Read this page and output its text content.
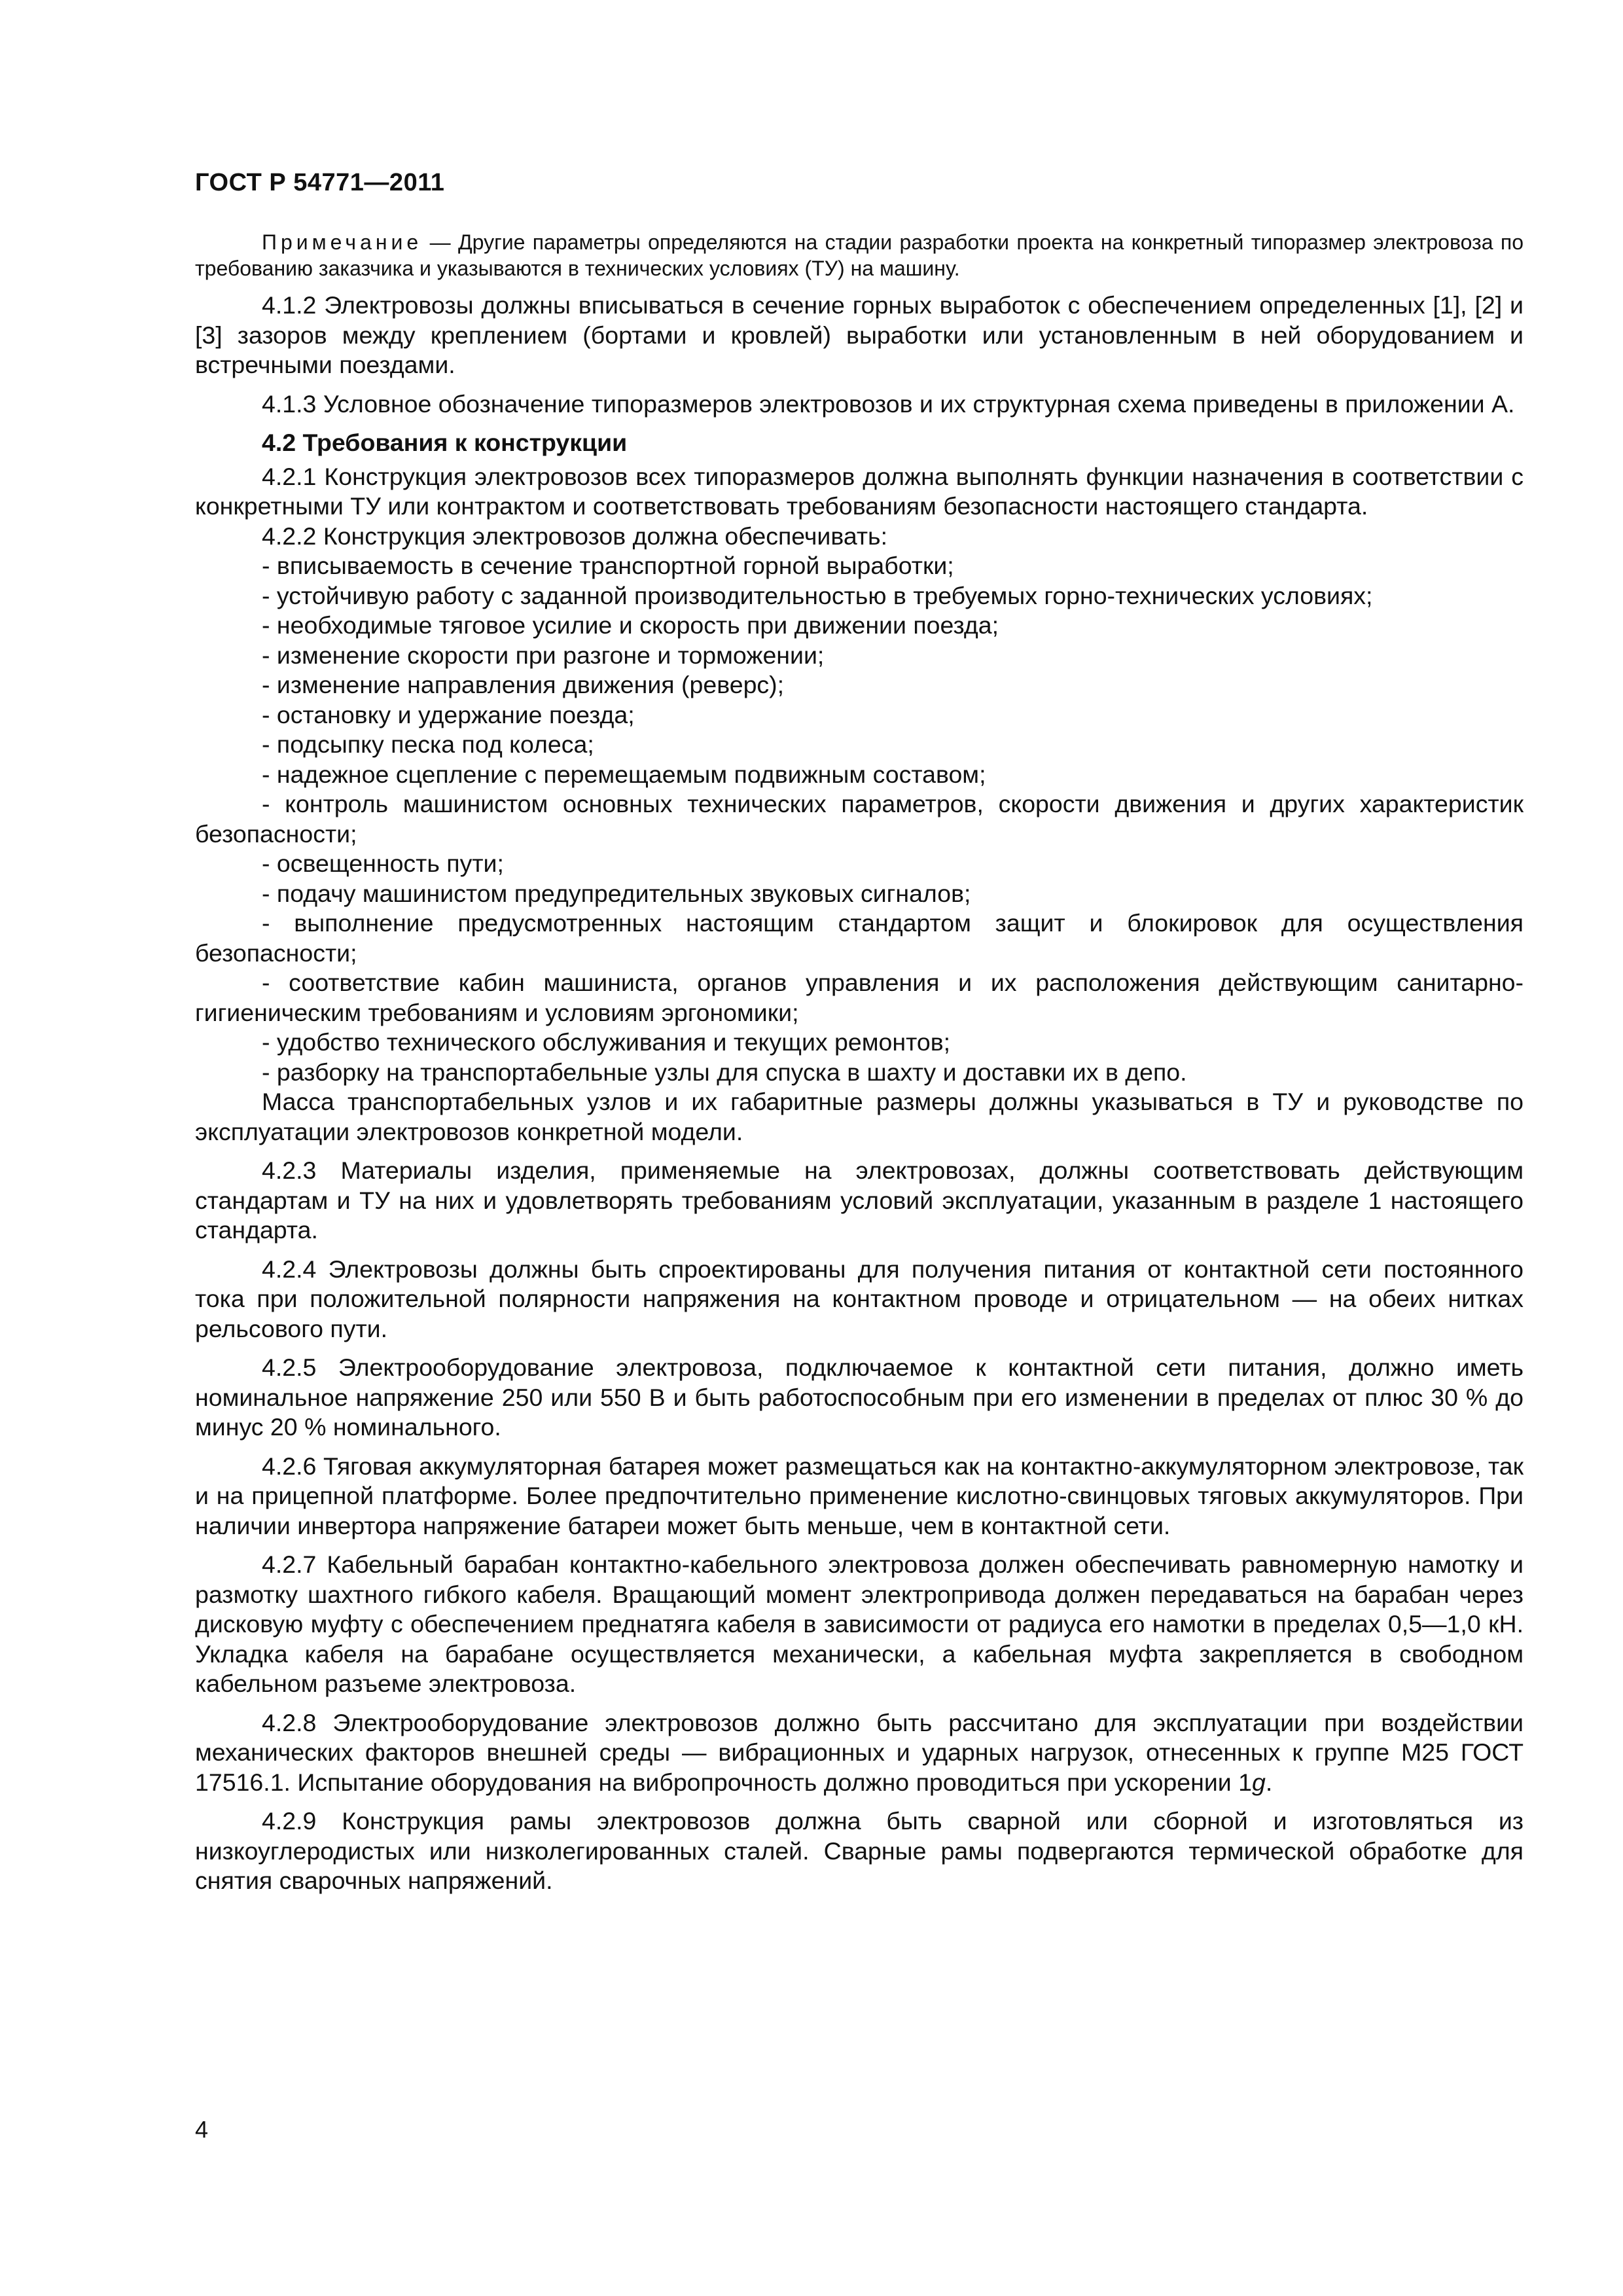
ГОСТ Р 54771—2011

Примечание — Другие параметры определяются на стадии разработки проекта на конкретный типоразмер электровоза по требованию заказчика и указываются в технических условиях (ТУ) на машину.

4.1.2 Электровозы должны вписываться в сечение горных выработок с обеспечением определенных [1], [2] и [3] зазоров между креплением (бортами и кровлей) выработки или установленным в ней оборудованием и встречными поездами.

4.1.3 Условное обозначение типоразмеров электровозов и их структурная схема приведены в приложении А.

4.2 Требования к конструкции

4.2.1 Конструкция электровозов всех типоразмеров должна выполнять функции назначения в соответствии с конкретными ТУ или контрактом и соответствовать требованиям безопасности настоящего стандарта.

4.2.2 Конструкция электровозов должна обеспечивать:

- вписываемость в сечение транспортной горной выработки;

- устойчивую работу с заданной производительностью в требуемых горно-технических условиях;

- необходимые тяговое усилие и скорость при движении поезда;

- изменение скорости при разгоне и торможении;

- изменение направления движения (реверс);

- остановку и удержание поезда;

- подсыпку песка под колеса;

- надежное сцепление с перемещаемым подвижным составом;

- контроль машинистом основных технических параметров, скорости движения и других характеристик безопасности;

- освещенность пути;

- подачу машинистом предупредительных звуковых сигналов;

- выполнение предусмотренных настоящим стандартом защит и блокировок для осуществления безопасности;

- соответствие кабин машиниста, органов управления и их расположения действующим санитарно-гигиеническим требованиям и условиям эргономики;

- удобство технического обслуживания и текущих ремонтов;

- разборку на транспортабельные узлы для спуска в шахту и доставки их в депо.

Масса транспортабельных узлов и их габаритные размеры должны указываться в ТУ и руководстве по эксплуатации электровозов конкретной модели.

4.2.3 Материалы изделия, применяемые на электровозах, должны соответствовать действующим стандартам и ТУ на них и удовлетворять требованиям условий эксплуатации, указанным в разделе 1 настоящего стандарта.

4.2.4 Электровозы должны быть спроектированы для получения питания от контактной сети постоянного тока при положительной полярности напряжения на контактном проводе и отрицательном — на обеих нитках рельсового пути.

4.2.5 Электрооборудование электровоза, подключаемое к контактной сети питания, должно иметь номинальное напряжение 250 или 550 В и быть работоспособным при его изменении в пределах от плюс 30 % до минус 20 % номинального.

4.2.6 Тяговая аккумуляторная батарея может размещаться как на контактно-аккумуляторном электровозе, так и на прицепной платформе. Более предпочтительно применение кислотно-свинцовых тяговых аккумуляторов. При наличии инвертора напряжение батареи может быть меньше, чем в контактной сети.

4.2.7 Кабельный барабан контактно-кабельного электровоза должен обеспечивать равномерную намотку и размотку шахтного гибкого кабеля. Вращающий момент электропривода должен передаваться на барабан через дисковую муфту с обеспечением преднатяга кабеля в зависимости от радиуса его намотки в пределах 0,5—1,0 кН. Укладка кабеля на барабане осуществляется механически, а кабельная муфта закрепляется в свободном кабельном разъеме электровоза.

4.2.8 Электрооборудование электровозов должно быть рассчитано для эксплуатации при воздействии механических факторов внешней среды — вибрационных и ударных нагрузок, отнесенных к группе М25 ГОСТ 17516.1. Испытание оборудования на вибропрочность должно проводиться при ускорении 1g.

4.2.9 Конструкция рамы электровозов должна быть сварной или сборной и изготовляться из низкоуглеродистых или низколегированных сталей. Сварные рамы подвергаются термической обработке для снятия сварочных напряжений.

4
